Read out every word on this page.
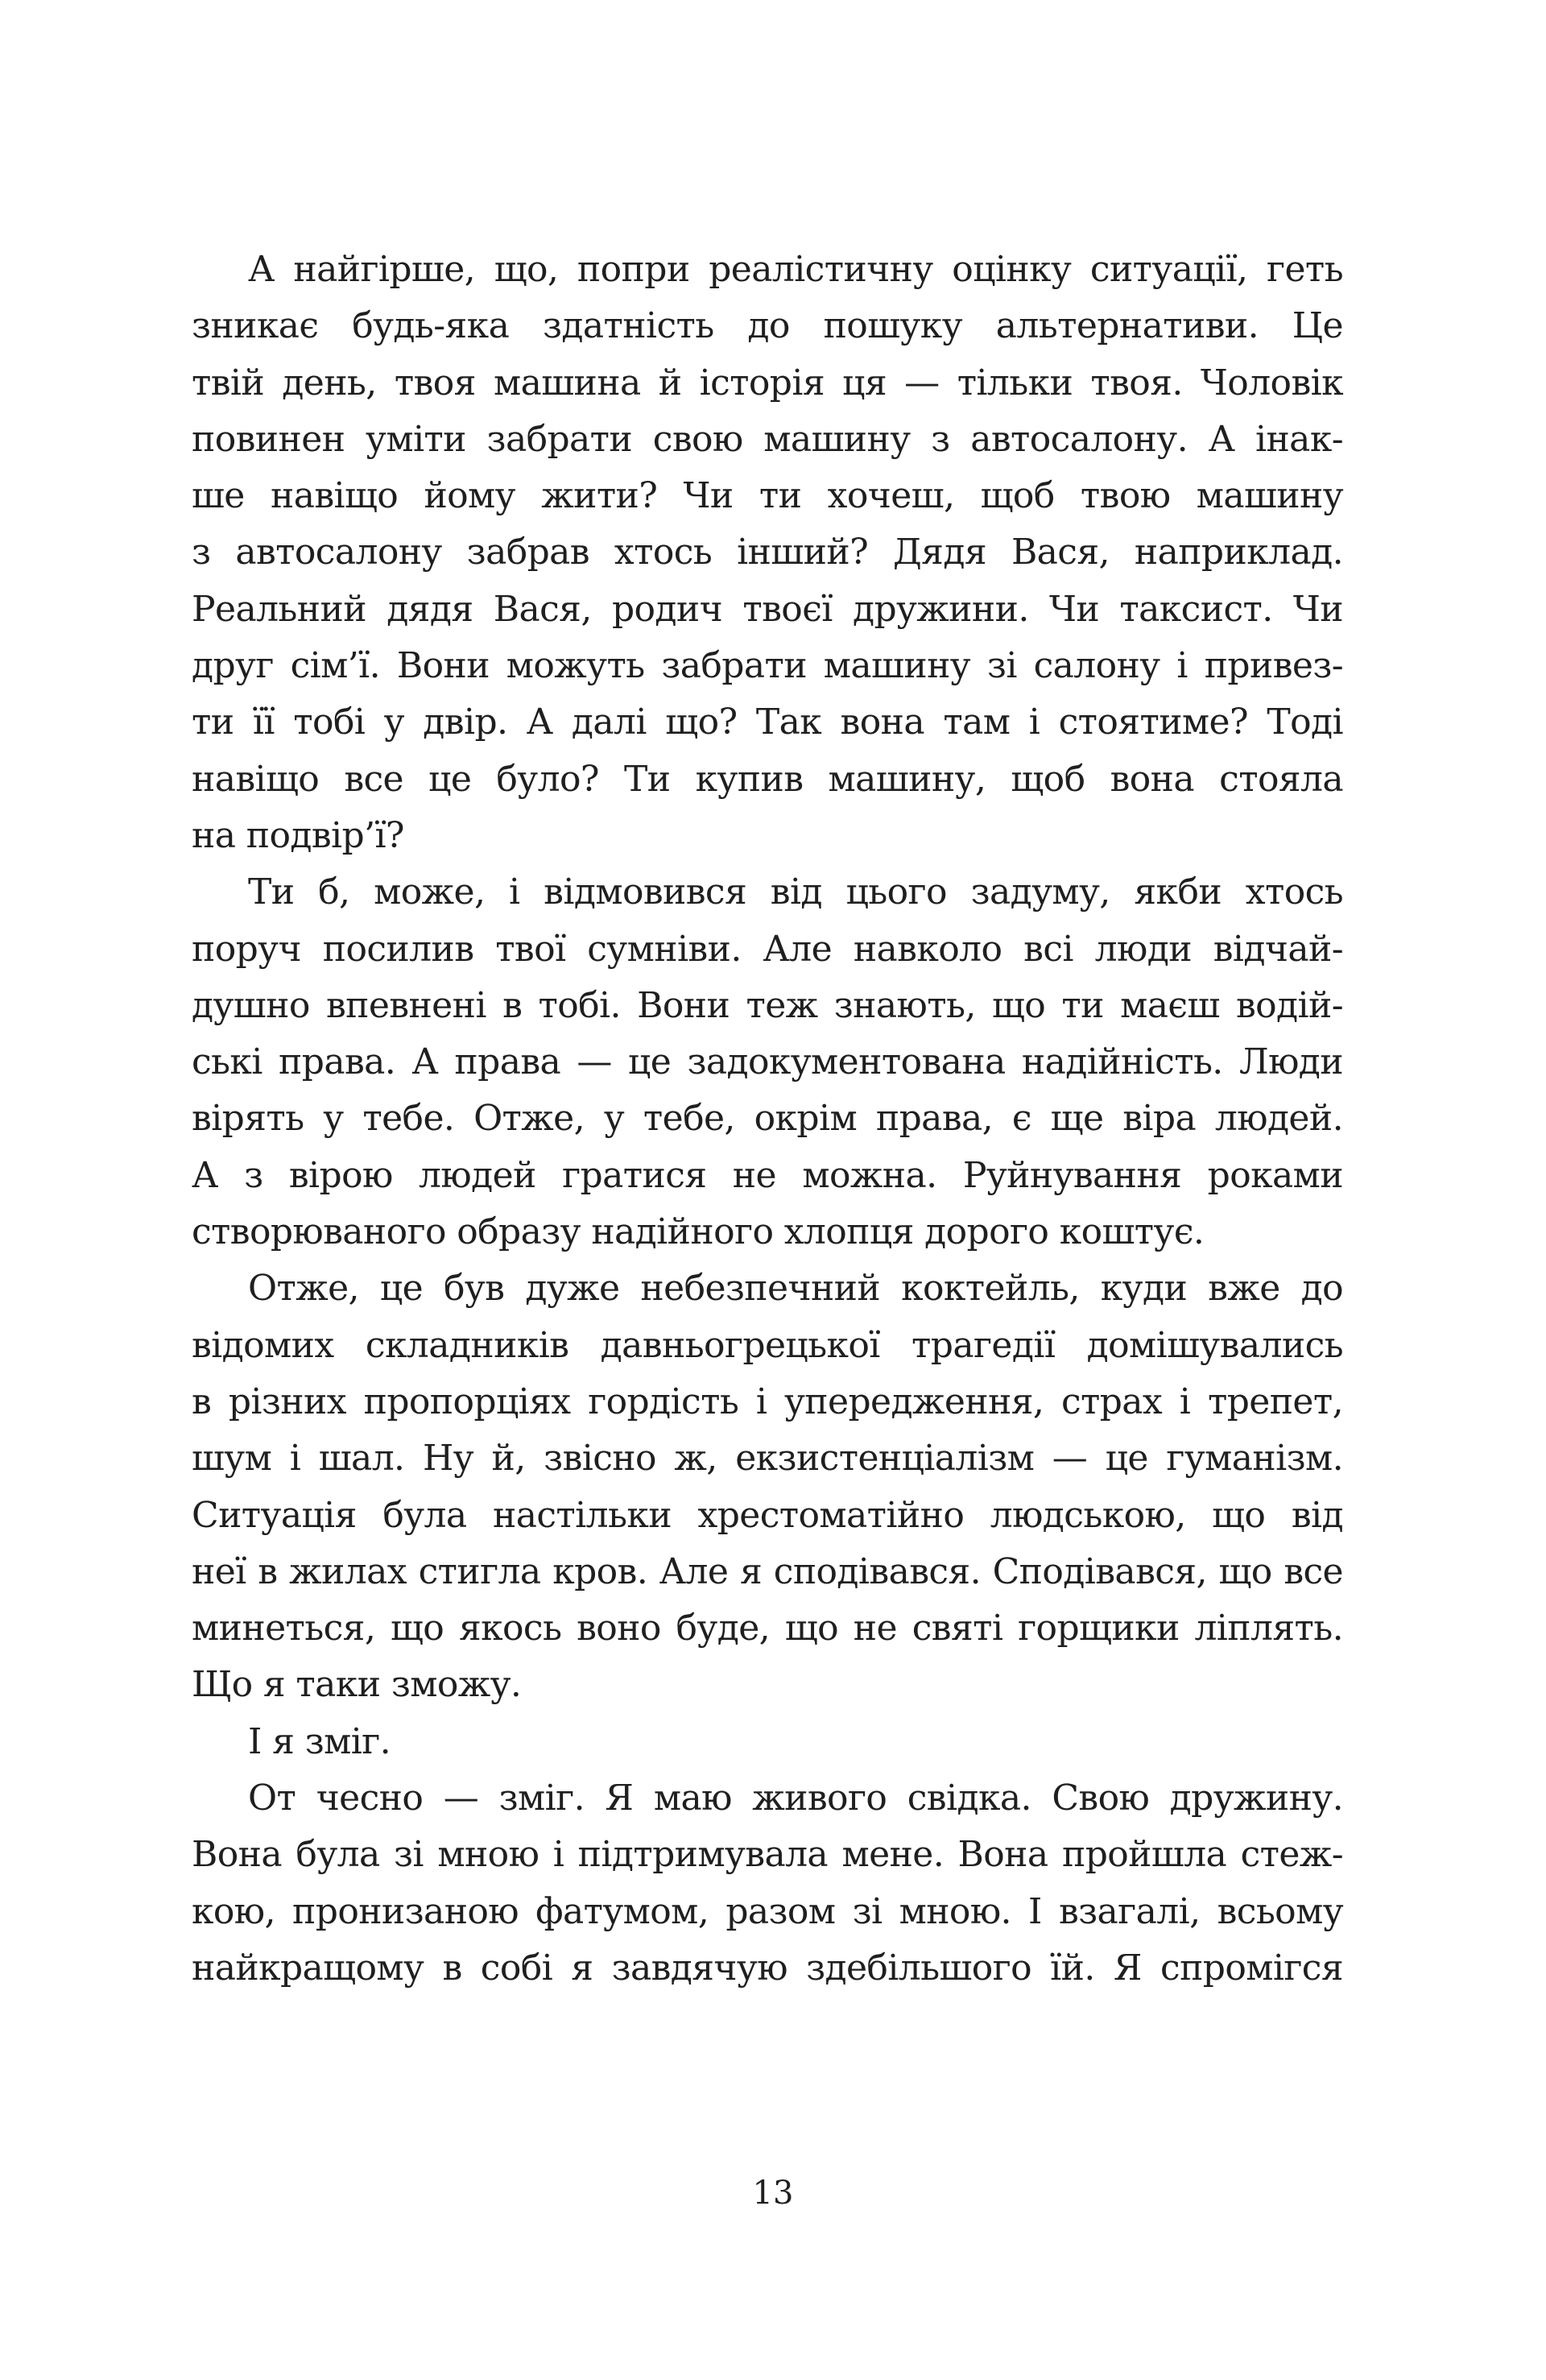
А найгірше, що, попри реалістичну оцінку ситуації, геть
зникає будь-яка здатність до пошуку альтернативи. Це
твій день, твоя машина й історія ця — тільки твоя. Чоловік
повинен уміти забрати свою машину з автосалону. А інак-
ше навіщо йому жити? Чи ти хочеш, щоб твою машину
з автосалону забрав хтось інший? Дядя Вася, наприклад.
Реальний дядя Вася, родич твоєї дружини. Чи таксист. Чи
друг сім’ї. Вони можуть забрати машину зі салону і привез-
ти її тобі у двір. А далі що? Так вона там і стоятиме? Тоді
навіщо все це було? Ти купив машину, щоб вона стояла
на подвір’ї?
Ти б, може, і відмовився від цього задуму, якби хтось
поруч посилив твої сумніви. Але навколо всі люди відчай-
душно впевнені в тобі. Вони теж знають, що ти маєш водій-
ські права. А права — це задокументована надійність. Люди
вірять у тебе. Отже, у тебе, окрім права, є ще віра людей.
А з вірою людей гратися не можна. Руйнування роками
створюваного образу надійного хлопця дорого коштує.
Отже, це був дуже небезпечний коктейль, куди вже до
відомих складників давньогрецької трагедії домішувались
в різних пропорціях гордість і упередження, страх і трепет,
шум і шал. Ну й, звісно ж, екзистенціалізм — це гуманізм.
Ситуація була настільки хрестоматійно людською, що від
неї в жилах стигла кров. Але я сподівався. Сподівався, що все
минеться, що якось воно буде, що не святі горщики ліплять.
Що я таки зможу.
І я зміг.
От чесно — зміг. Я маю живого свідка. Свою дружину.
Вона була зі мною і підтримувала мене. Вона пройшла стеж-
кою, пронизаною фатумом, разом зі мною. І взагалі, всьому
найкращому в собі я завдячую здебільшого їй. Я спромігся
13
